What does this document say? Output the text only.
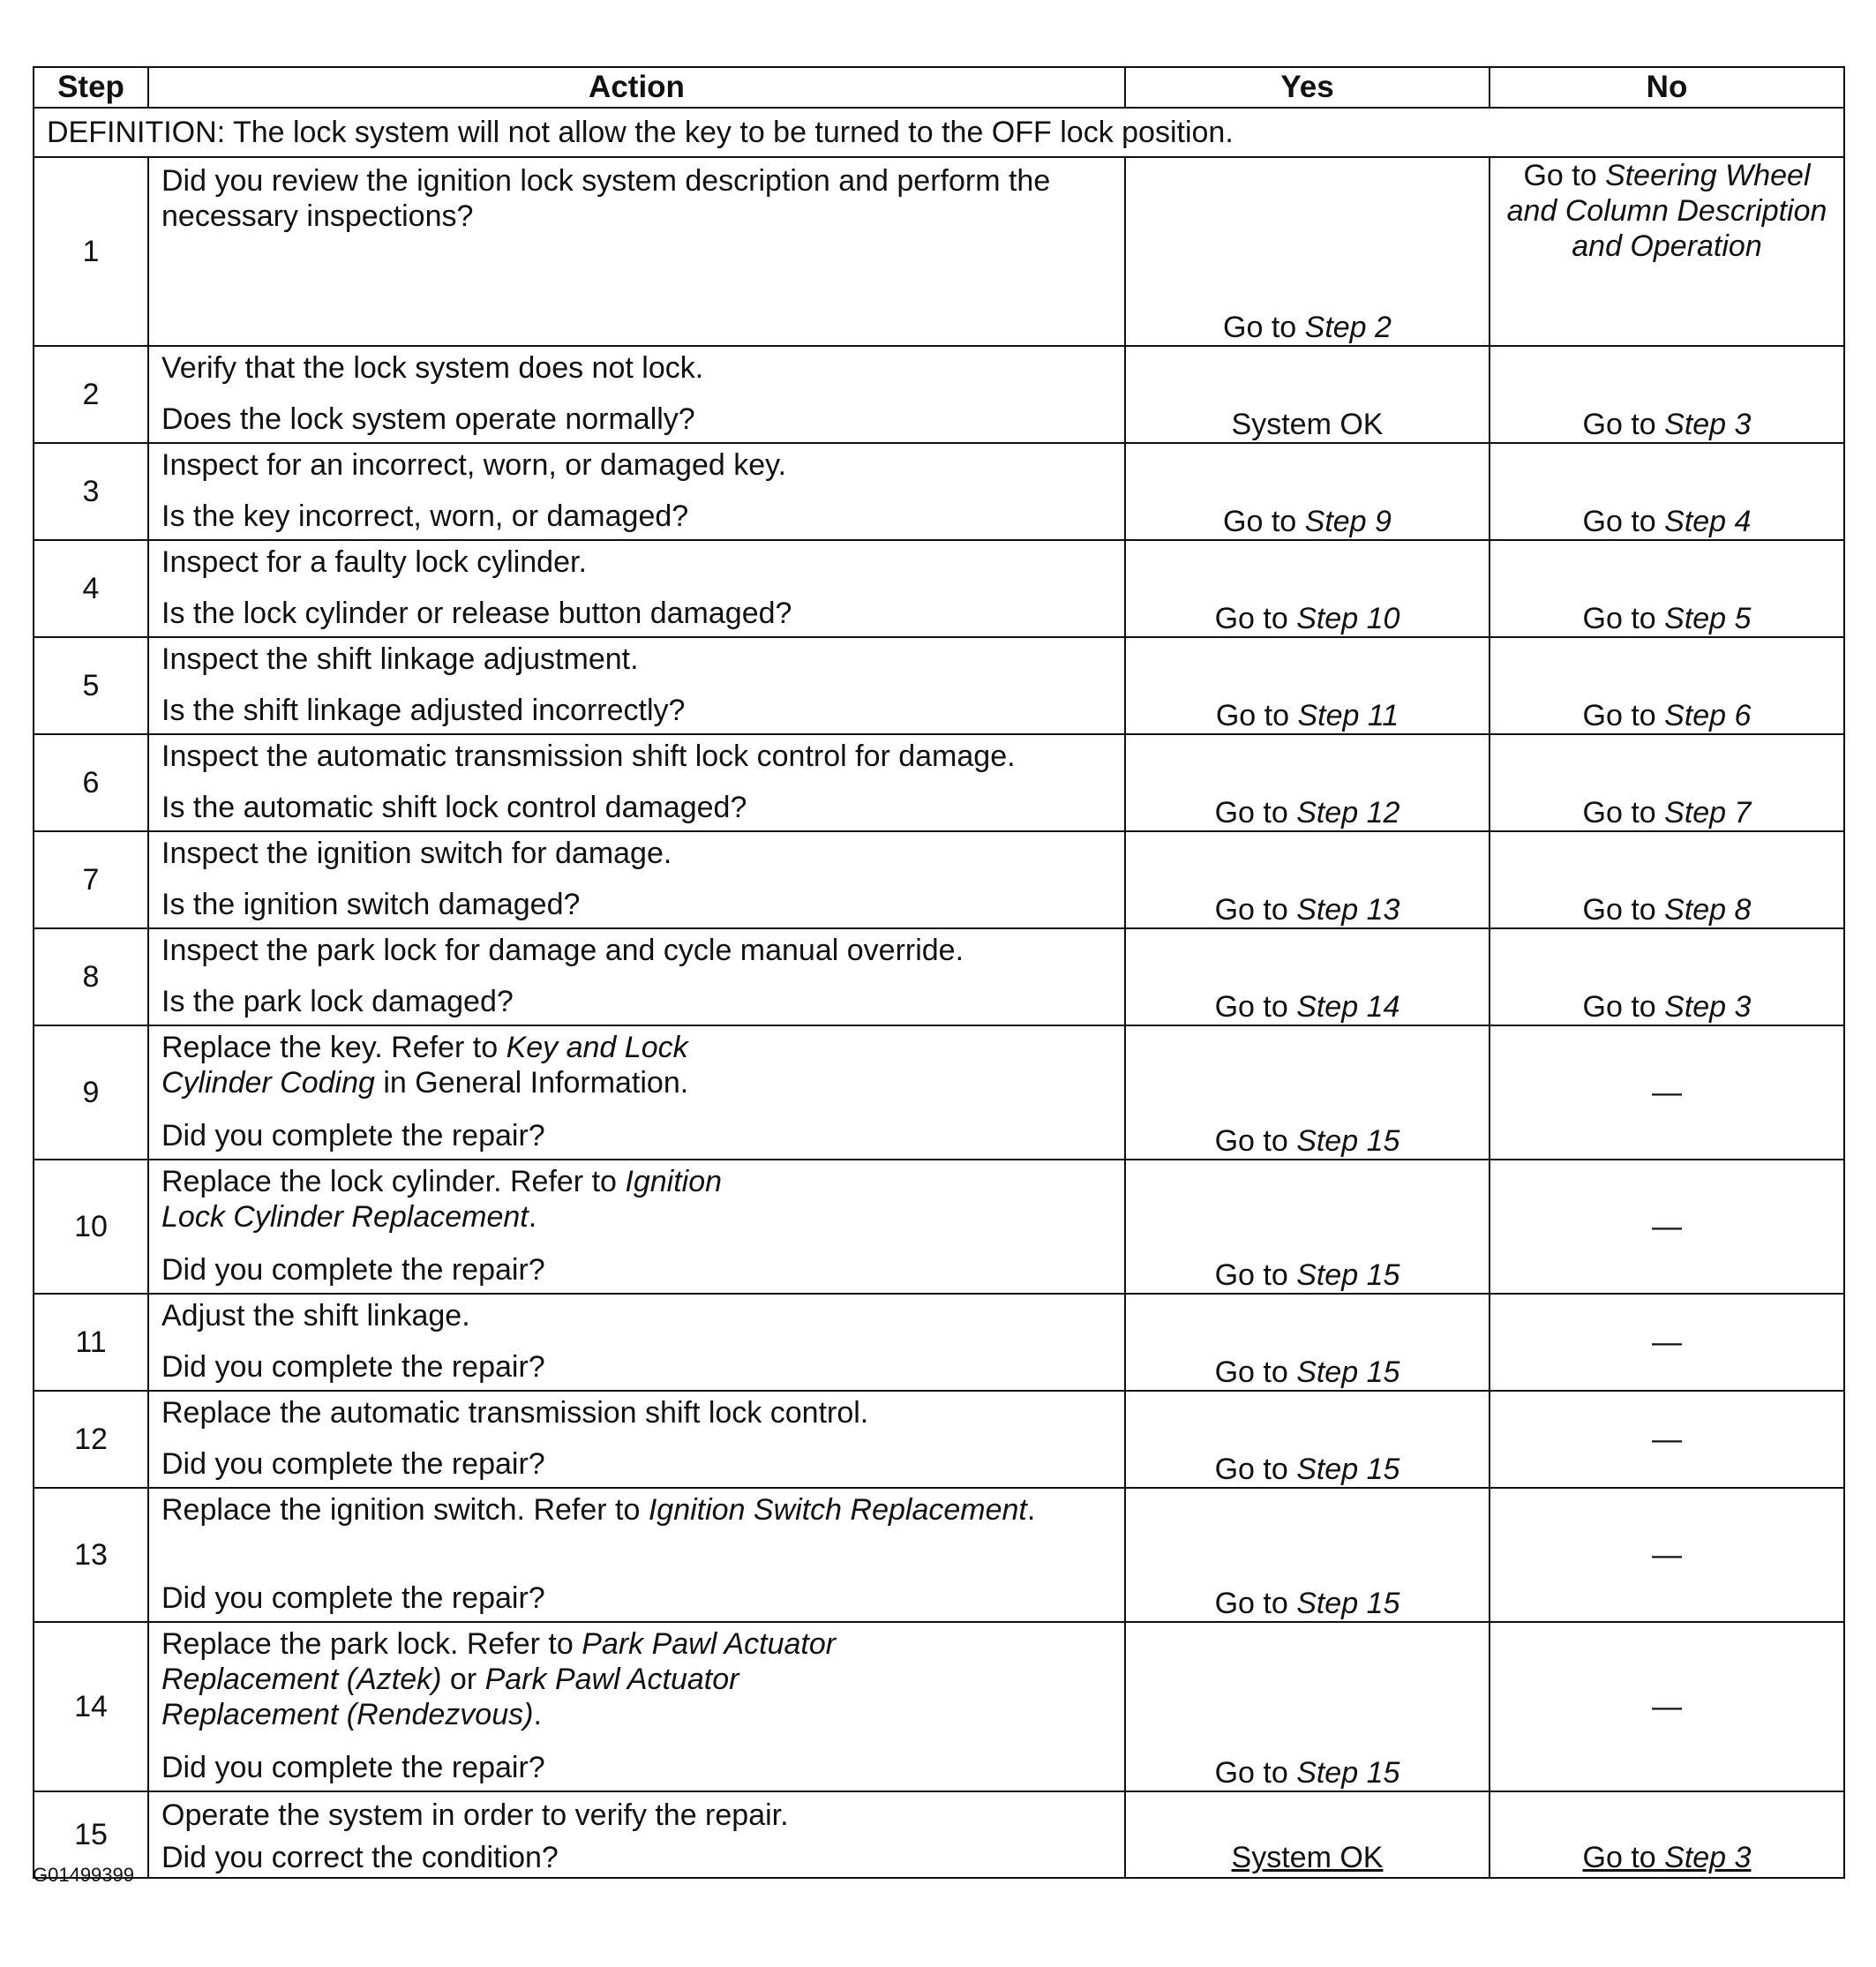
Step	Action	Yes	No
DEFINITION: The lock system will not allow the key to be turned to the OFF lock position.			
1	Did you review the ignition lock system description and perform the necessary inspections?	Go to Step 2	Go to Steering Wheel and Column Description and Operation
2	Verify that the lock system does not lock.

Does the lock system operate normally?	System OK	Go to Step 3
3	Inspect for an incorrect, worn, or damaged key.

Is the key incorrect, worn, or damaged?	Go to Step 9	Go to Step 4
4	Inspect for a faulty lock cylinder.

Is the lock cylinder or release button damaged?	Go to Step 10	Go to Step 5
5	Inspect the shift linkage adjustment.

Is the shift linkage adjusted incorrectly?	Go to Step 11	Go to Step 6
6	Inspect the automatic transmission shift lock control for damage.

Is the automatic shift lock control damaged?	Go to Step 12	Go to Step 7
7	Inspect the ignition switch for damage.

Is the ignition switch damaged?	Go to Step 13	Go to Step 8
8	Inspect the park lock for damage and cycle manual override.

Is the park lock damaged?	Go to Step 14	Go to Step 3
9	Replace the key. Refer to Key and Lock Cylinder Coding in General Information.

Did you complete the repair?	Go to Step 15	—
10	Replace the lock cylinder. Refer to Ignition Lock Cylinder Replacement.

Did you complete the repair?	Go to Step 15	—
11	Adjust the shift linkage.

Did you complete the repair?	Go to Step 15	—
12	Replace the automatic transmission shift lock control.

Did you complete the repair?	Go to Step 15	—
13	Replace the ignition switch. Refer to Ignition Switch Replacement.

Did you complete the repair?	Go to Step 15	—
14	Replace the park lock. Refer to Park Pawl Actuator Replacement (Aztek) or Park Pawl Actuator Replacement (Rendezvous).

Did you complete the repair?	Go to Step 15	—
15	Operate the system in order to verify the repair.

Did you correct the condition?	System OK	Go to Step 3
G01499399
